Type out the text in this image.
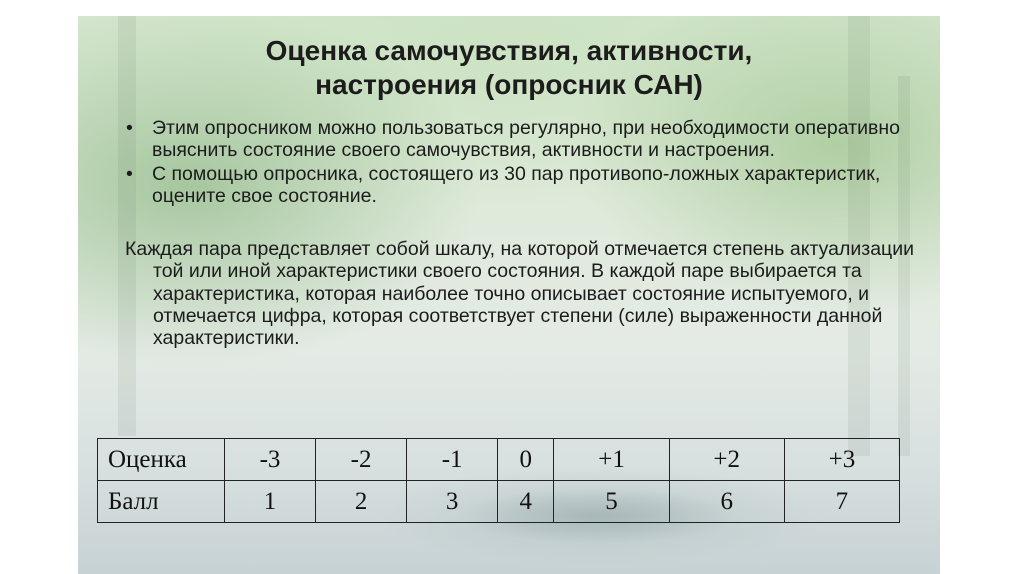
Оценка самочувствия, активности,
настроения (опросник САН)
• Этим опросником можно пользоваться регулярно, при необходимости оперативно выяснить состояние своего самочувствия, активности и настроения.
• С помощью опросника, состоящего из 30 пар противопо-ложных характеристик, оцените свое состояние.

Каждая пара представляет собой шкалу, на которой отмечается степень актуализации той или иной характеристики своего состояния. В каждой паре выбирается та характеристика, которая наиболее точно описывает состояние испытуемого, и отмечается цифра, которая соответствует степени (силе) выраженности данной характеристики.

Оценка	-3	-2	-1	0	+1	+2	+3
Балл	1	2	3	4	5	6	7
